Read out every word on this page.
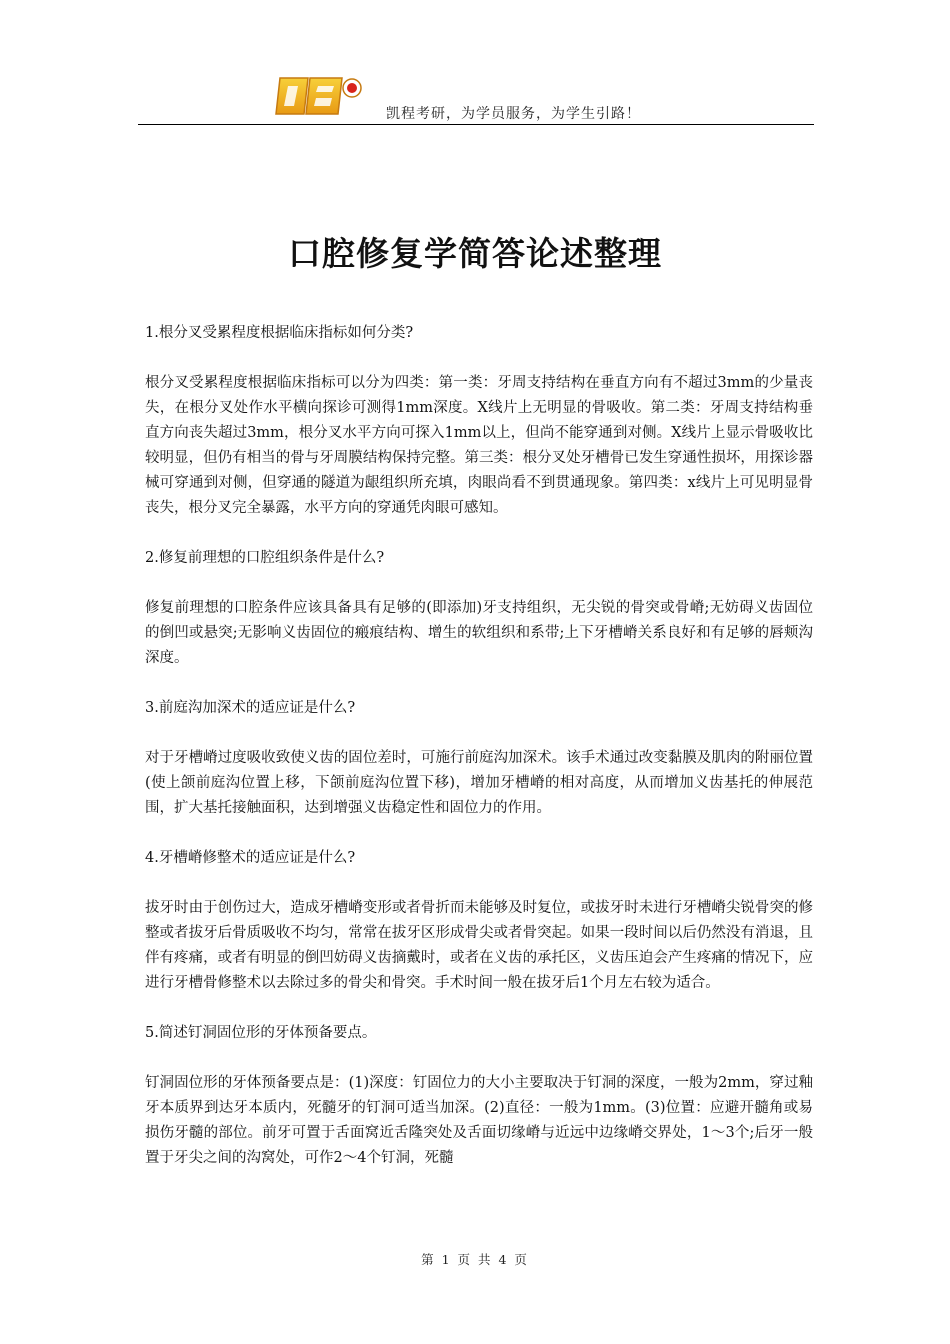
凯程考研，为学员服务，为学生引路！
口腔修复学简答论述整理

1.根分叉受累程度根据临床指标如何分类?

根分叉受累程度根据临床指标可以分为四类：第一类：牙周支持结构在垂直方向有不超过3mm的少量丧失，在根分叉处作水平横向探诊可测得1mm深度。X线片上无明显的骨吸收。第二类：牙周支持结构垂直方向丧失超过3mm，根分叉水平方向可探入1mm以上，但尚不能穿通到对侧。X线片上显示骨吸收比较明显，但仍有相当的骨与牙周膜结构保持完整。第三类：根分叉处牙槽骨已发生穿通性损坏，用探诊器械可穿通到对侧，但穿通的隧道为龈组织所充填，肉眼尚看不到贯通现象。第四类：x线片上可见明显骨丧失，根分叉完全暴露，水平方向的穿通凭肉眼可感知。

2.修复前理想的口腔组织条件是什么?

修复前理想的口腔条件应该具备具有足够的(即添加)牙支持组织，无尖锐的骨突或骨嵴;无妨碍义齿固位的倒凹或悬突;无影响义齿固位的瘢痕结构、增生的软组织和系带;上下牙槽嵴关系良好和有足够的唇颊沟深度。

3.前庭沟加深术的适应证是什么?

对于牙槽嵴过度吸收致使义齿的固位差时，可施行前庭沟加深术。该手术通过改变黏膜及肌肉的附丽位置(使上颌前庭沟位置上移，下颌前庭沟位置下移)，增加牙槽嵴的相对高度，从而增加义齿基托的伸展范围，扩大基托接触面积，达到增强义齿稳定性和固位力的作用。

4.牙槽嵴修整术的适应证是什么?

拔牙时由于创伤过大，造成牙槽嵴变形或者骨折而未能够及时复位，或拔牙时未进行牙槽嵴尖锐骨突的修整或者拔牙后骨质吸收不均匀，常常在拔牙区形成骨尖或者骨突起。如果一段时间以后仍然没有消退，且伴有疼痛，或者有明显的倒凹妨碍义齿摘戴时，或者在义齿的承托区，义齿压迫会产生疼痛的情况下，应进行牙槽骨修整术以去除过多的骨尖和骨突。手术时间一般在拔牙后1个月左右较为适合。

5.简述钉洞固位形的牙体预备要点。

钉洞固位形的牙体预备要点是：(1)深度：钉固位力的大小主要取决于钉洞的深度，一般为2mm，穿过釉牙本质界到达牙本质内，死髓牙的钉洞可适当加深。(2)直径：一般为1mm。(3)位置：应避开髓角或易损伤牙髓的部位。前牙可置于舌面窝近舌隆突处及舌面切缘嵴与近远中边缘嵴交界处，1～3个;后牙一般置于牙尖之间的沟窝处，可作2～4个钉洞，死髓

第 1 页 共 4 页
